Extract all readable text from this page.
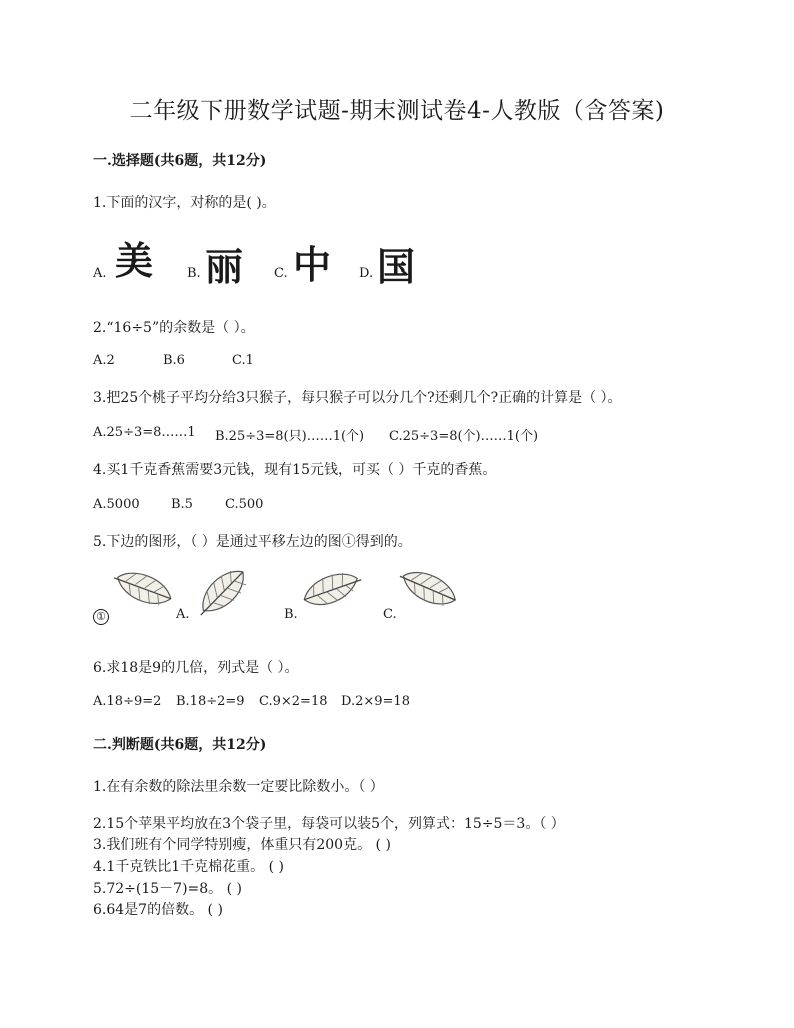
二年级下册数学试题-期末测试卷4-人教版（含答案)
一.选择题(共6题，共12分)
1.下面的汉字，对称的是( )。
A. 美	B. 丽 C. 中 D. 国
2.“16÷5”的余数是（ ）。
A.2	B.6	C.1
3.把25个桃子平均分给3只猴子，每只猴子可以分几个?还剩几个?正确的计算是（ ）。
A.25÷3=8……1 B.25÷3=8(只)……1(个) C.25÷3=8(个)……1(个)
4.买1千克香蕉需要3元钱，现有15元钱，可买（ ）千克的香蕉。
A.5000 B.5 C.500
5.下边的图形，（ ）是通过平移左边的图①得到的。
①	A.	B.	C.
6.求18是9的几倍，列式是（ ）。
A.18÷9=2 B.18÷2=9 C.9×2=18 D.2×9=18
二.判断题(共6题，共12分)
1.在有余数的除法里余数一定要比除数小。（ ）
2.15个苹果平均放在3个袋子里，每袋可以装5个，列算式：15÷5＝3。（ ）
3.我们班有个同学特别瘦，体重只有200克。 ( )
4.1千克铁比1千克棉花重。 ( )
5.72÷(15－7)=8。 ( )
6.64是7的倍数。 ( )
